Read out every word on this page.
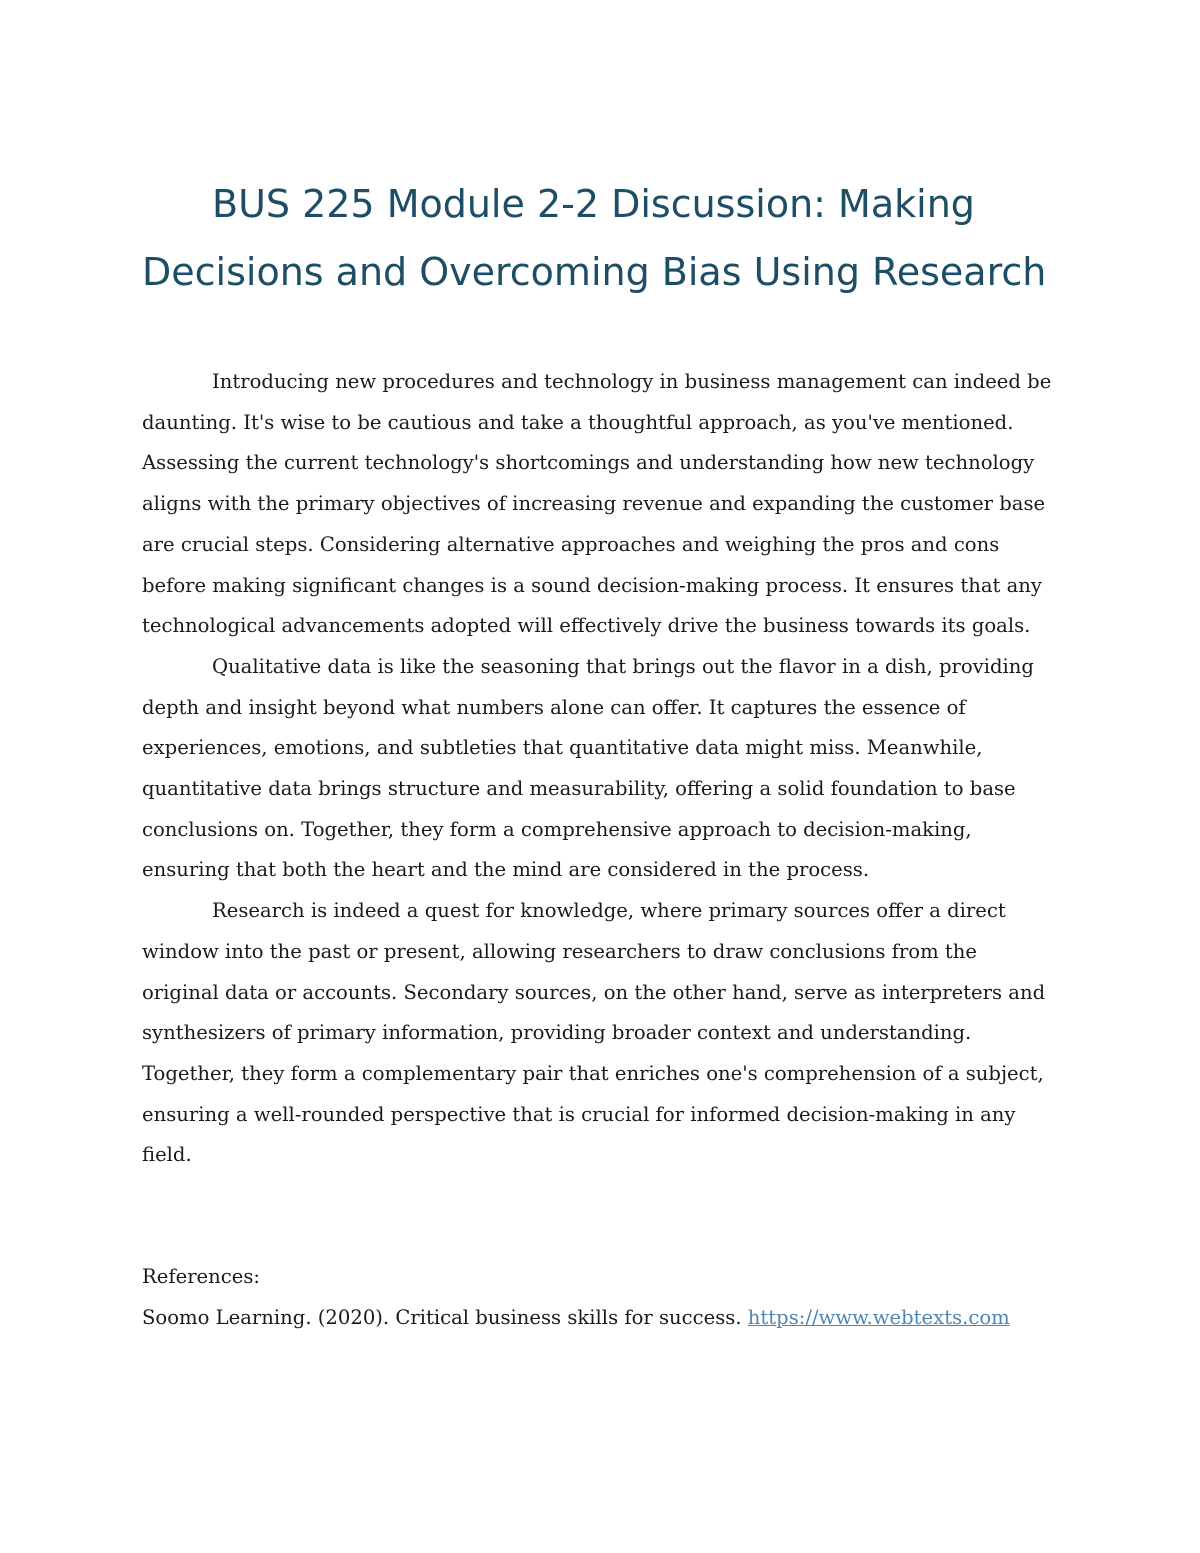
BUS 225 Module 2-2 Discussion: Making Decisions and Overcoming Bias Using Research

Introducing new procedures and technology in business management can indeed be daunting. It's wise to be cautious and take a thoughtful approach, as you've mentioned. Assessing the current technology's shortcomings and understanding how new technology aligns with the primary objectives of increasing revenue and expanding the customer base are crucial steps. Considering alternative approaches and weighing the pros and cons before making significant changes is a sound decision-making process. It ensures that any technological advancements adopted will effectively drive the business towards its goals.

Qualitative data is like the seasoning that brings out the flavor in a dish, providing depth and insight beyond what numbers alone can offer. It captures the essence of experiences, emotions, and subtleties that quantitative data might miss. Meanwhile, quantitative data brings structure and measurability, offering a solid foundation to base conclusions on. Together, they form a comprehensive approach to decision-making, ensuring that both the heart and the mind are considered in the process.

Research is indeed a quest for knowledge, where primary sources offer a direct window into the past or present, allowing researchers to draw conclusions from the original data or accounts. Secondary sources, on the other hand, serve as interpreters and synthesizers of primary information, providing broader context and understanding. Together, they form a complementary pair that enriches one's comprehension of a subject, ensuring a well-rounded perspective that is crucial for informed decision-making in any field.

References:

Soomo Learning. (2020). Critical business skills for success. https://www.webtexts.com
